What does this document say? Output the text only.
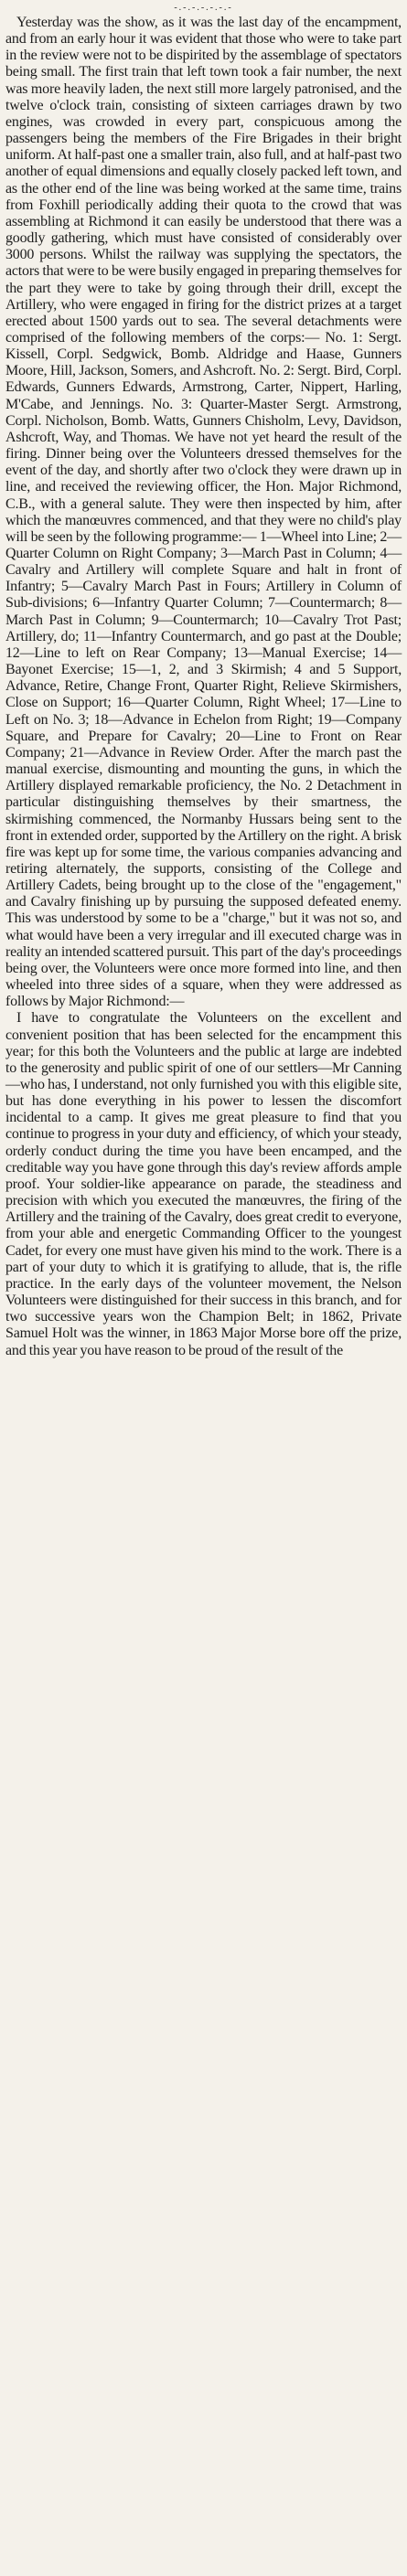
-.-.-.-.-.-.-

Yesterday was the show, as it was the last day of the encampment, and from an early hour it was evident that those who were to take part in the review were not to be dispirited by the assemblage of spectators being small. The first train that left town took a fair number, the next was more heavily laden, the next still more largely patronised, and the twelve o'clock train, consisting of sixteen carriages drawn by two engines, was crowded in every part, conspicuous among the passengers being the members of the Fire Brigades in their bright uniform. At half-past one a smaller train, also full, and at half-past two another of equal dimensions and equally closely packed left town, and as the other end of the line was being worked at the same time, trains from Foxhill periodically adding their quota to the crowd that was assembling at Richmond it can easily be understood that there was a goodly gathering, which must have consisted of considerably over 3000 persons. Whilst the railway was supplying the spectators, the actors that were to be were busily engaged in preparing themselves for the part they were to take by going through their drill, except the Artillery, who were engaged in firing for the district prizes at a target erected about 1500 yards out to sea. The several detachments were comprised of the following members of the corps:— No. 1: Sergt. Kissell, Corpl. Sedgwick, Bomb. Aldridge and Haase, Gunners Moore, Hill, Jackson, Somers, and Ashcroft. No. 2: Sergt. Bird, Corpl. Edwards, Gunners Edwards, Armstrong, Carter, Nippert, Harling, M'Cabe, and Jennings. No. 3: Quarter-Master Sergt. Armstrong, Corpl. Nicholson, Bomb. Watts, Gunners Chisholm, Levy, Davidson, Ashcroft, Way, and Thomas. We have not yet heard the result of the firing. Dinner being over the Volunteers dressed themselves for the event of the day, and shortly after two o'clock they were drawn up in line, and received the reviewing officer, the Hon. Major Richmond, C.B., with a general salute. They were then inspected by him, after which the manœuvres commenced, and that they were no child's play will be seen by the following programme:— 1—Wheel into Line; 2—Quarter Column on Right Company; 3—March Past in Column; 4—Cavalry and Artillery will complete Square and halt in front of Infantry; 5—Cavalry March Past in Fours; Artillery in Column of Sub-divisions; 6—Infantry Quarter Column; 7—Countermarch; 8—March Past in Column; 9—Countermarch; 10—Cavalry Trot Past; Artillery, do; 11—Infantry Countermarch, and go past at the Double; 12—Line to left on Rear Company; 13—Manual Exercise; 14—Bayonet Exercise; 15—1, 2, and 3 Skirmish; 4 and 5 Support, Advance, Retire, Change Front, Quarter Right, Relieve Skirmishers, Close on Support; 16—Quarter Column, Right Wheel; 17—Line to Left on No. 3; 18—Advance in Echelon from Right; 19—Company Square, and Prepare for Cavalry; 20—Line to Front on Rear Company; 21—Advance in Review Order. After the march past the manual exercise, dismounting and mounting the guns, in which the Artillery displayed remarkable proficiency, the No. 2 Detachment in particular distinguishing themselves by their smartness, the skirmishing commenced, the Normanby Hussars being sent to the front in extended order, supported by the Artillery on the right. A brisk fire was kept up for some time, the various companies advancing and retiring alternately, the supports, consisting of the College and Artillery Cadets, being brought up to the close of the "engagement," and Cavalry finishing up by pursuing the supposed defeated enemy. This was understood by some to be a "charge," but it was not so, and what would have been a very irregular and ill executed charge was in reality an intended scattered pursuit. This part of the day's proceedings being over, the Volunteers were once more formed into line, and then wheeled into three sides of a square, when they were addressed as follows by Major Richmond:—

I have to congratulate the Volunteers on the excellent and convenient position that has been selected for the encampment this year; for this both the Volunteers and the public at large are indebted to the generosity and public spirit of one of our settlers—Mr Canning—who has, I understand, not only furnished you with this eligible site, but has done everything in his power to lessen the discomfort incidental to a camp. It gives me great pleasure to find that you continue to progress in your duty and efficiency, of which your steady, orderly conduct during the time you have been encamped, and the creditable way you have gone through this day's review affords ample proof. Your soldier-like appearance on parade, the steadiness and precision with which you executed the manœuvres, the firing of the Artillery and the training of the Cavalry, does great credit to everyone, from your able and energetic Commanding Officer to the youngest Cadet, for every one must have given his mind to the work. There is a part of your duty to which it is gratifying to allude, that is, the rifle practice. In the early days of the volunteer movement, the Nelson Volunteers were distinguished for their success in this branch, and for two successive years won the Champion Belt; in 1862, Private Samuel Holt was the winner, in 1863 Major Morse bore off the prize, and this year you have reason to be proud of the result of the
